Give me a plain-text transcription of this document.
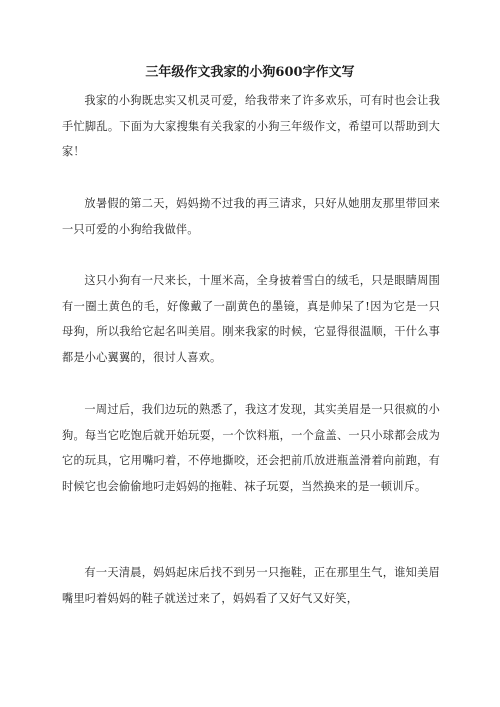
三年级作文我家的小狗600字作文写
我家的小狗既忠实又机灵可爱，给我带来了许多欢乐，可有时也会让我手忙脚乱。下面为大家搜集有关我家的小狗三年级作文，希望可以帮助到大家！
放暑假的第二天，妈妈拗不过我的再三请求，只好从她朋友那里带回来一只可爱的小狗给我做伴。
这只小狗有一尺来长，十厘米高，全身披着雪白的绒毛，只是眼睛周围有一圈土黄色的毛，好像戴了一副黄色的墨镜，真是帅呆了!因为它是一只母狗，所以我给它起名叫美眉。刚来我家的时候，它显得很温顺，干什么事都是小心翼翼的，很讨人喜欢。
一周过后，我们边玩的熟悉了，我这才发现，其实美眉是一只很疯的小狗。每当它吃饱后就开始玩耍，一个饮料瓶，一个盒盖、一只小球都会成为它的玩具，它用嘴叼着，不停地撕咬，还会把前爪放进瓶盖滑着向前跑，有时候它也会偷偷地叼走妈妈的拖鞋、袜子玩耍，当然换来的是一顿训斥。
有一天清晨，妈妈起床后找不到另一只拖鞋，正在那里生气，谁知美眉嘴里叼着妈妈的鞋子就送过来了，妈妈看了又好气又好笑，
